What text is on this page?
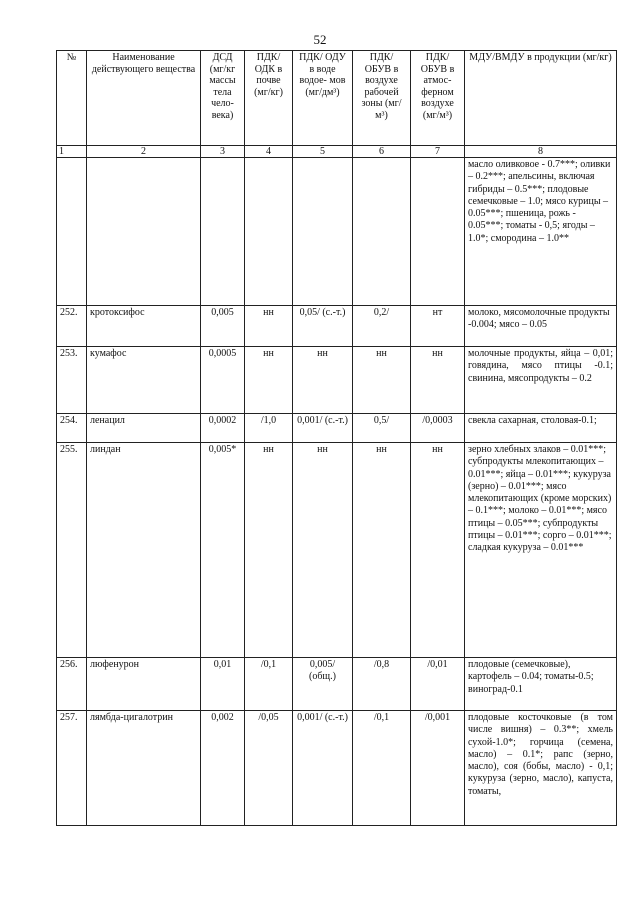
52
№	Наименование действующего вещества	ДСД (мг/кг массы тела чело- века)	ПДК/ ОДК в почве (мг/кг)	ПДК/ ОДУ в воде водое- мов (мг/дм³)	ПДК/ ОБУВ в воздухе рабочей зоны (мг/м³)	ПДК/ ОБУВ в атмос- ферном воздухе (мг/м³)	МДУ/ВМДУ в продукции (мг/кг)
1	2	3	4	5	6	7	8
							масло оливковое - 0.7***; оливки – 0.2***; апельсины, включая гибриды – 0.5***; плодовые семечковые – 1.0; мясо курицы – 0.05***; пшеница, рожь - 0.05***; томаты - 0,5; ягоды – 1.0*; смородина – 1.0**
252.	кротоксифос	0,005	нн	0,05/ (с.-т.)	0,2/	нт	молоко, мясомолочные продукты -0.004; мясо – 0.05
253.	кумафос	0,0005	нн	нн	нн	нн	молочные продукты, яйца – 0,01; говядина, мясо птицы -0.1; свинина, мясопродукты – 0.2
254.	ленацил	0,0002	/1,0	0,001/ (с.-т.)	0,5/	/0,0003	свекла сахарная, столовая-0.1;
255.	линдан	0,005*	нн	нн	нн	нн	зерно хлебных злаков – 0.01***; субпродукты млекопитающих – 0.01***; яйца – 0.01***; кукуруза (зерно) – 0.01***; мясо млекопитающих (кроме морских) – 0.1***; молоко – 0.01***; мясо птицы – 0.05***; субпродукты птицы – 0.01***; сорго – 0.01***; сладкая кукуруза – 0.01***
256.	люфенурон	0,01	/0,1	0,005/ (общ.)	/0,8	/0,01	плодовые (семечковые), картофель – 0.04; томаты-0.5; виноград-0.1
257.	лямбда-цигалотрин	0,002	/0,05	0,001/ (с.-т.)	/0,1	/0,001	плодовые косточковые (в том числе вишня) – 0.3**; хмель сухой-1.0*; горчица (семена, масло) – 0.1*; рапс (зерно, масло), соя (бобы, масло) - 0,1; кукуруза (зерно, масло), капуста, томаты,
